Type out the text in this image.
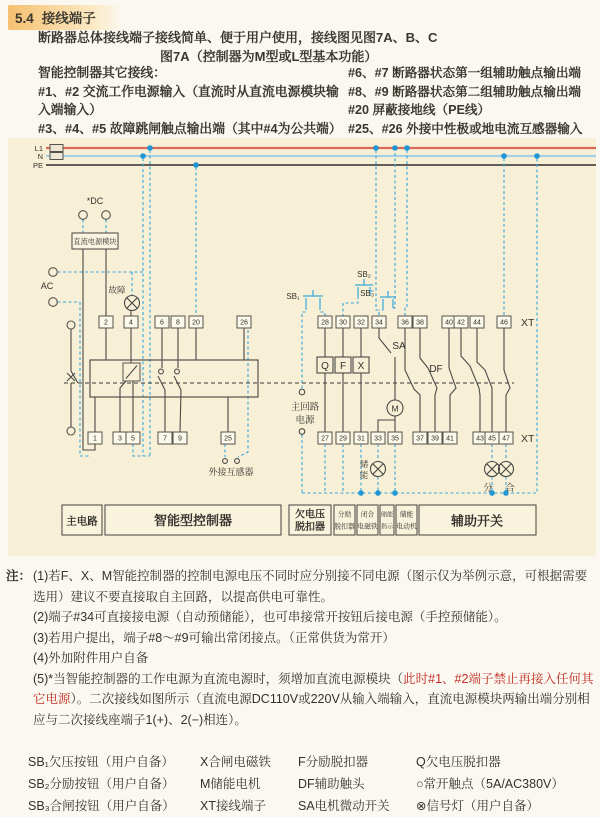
5.4 接线端子
断路器总体接线端子接线简单、便于用户使用，接线图见图7A、B、C
图7A（控制器为M型或L型基本功能）
智能控制器其它接线：
#1、#2 交流工作电源输入（直流时从直流电源模块输入端输入）
#3、#4、#5 故障跳闸触点输出端（其中#4为公共端）
#6、#7 断路器状态第一组辅助触点输出端
#8、#9 断路器状态第二组辅助触点输出端
#20 屏蔽接地线（PE线）
#25、#26 外接中性极或地电流互感器输入
L1
N
PE
SB₁
SB₂
SB₃
*DC
直流电源模块
AC	故障
外接互感器
Q F X
SA
DF
M
主回路
电源
储
能
分 合
2	4	6 8 20	26
1	3 5	7 9	25
28 30 32 34	36 38	40 42 44	46
27 29 31 33 35 37 39 41	43 45 47
XT
XT
主电路	智能型控制器	欠电压
脱扣器
分励
脱扣器
闭合
电磁铁
储能
指示
储能
电动机	辅助开关
注： (1)若F、X、M智能控制器的控制电源电压不同时应分别接不同电源（图示仅为举例示意，可根据需要选用）建议不要直接取自主回路，以提高供电可靠性。
(2)端子#34可直接接电源（自动预储能），也可串接常开按钮后接电源（手控预储能）。
(3)若用户提出，端子#8～#9可输出常闭接点。（正常供货为常开）
(4)外加附件用户自备
(5)*当智能控制器的工作电源为直流电源时，须增加直流电源模块（此时#1、#2端子禁止再接入任何其它电源）。二次接线如图所示（直流电源DC110V或220V从输入端输入，直流电源模块两输出端分别相应与二次接线座端子1(+)、2(−)相连）。
SB₁欠压按钮（用户自备）	X合闸电磁铁	F分励脱扣器	Q欠电压脱扣器
SB₂分励按钮（用户自备）	M储能电机	DF辅助触头	○常开触点（5A/AC380V）
SB₃合闸按钮（用户自备）	XT接线端子	SA电机微动开关	⊗信号灯（用户自备）
